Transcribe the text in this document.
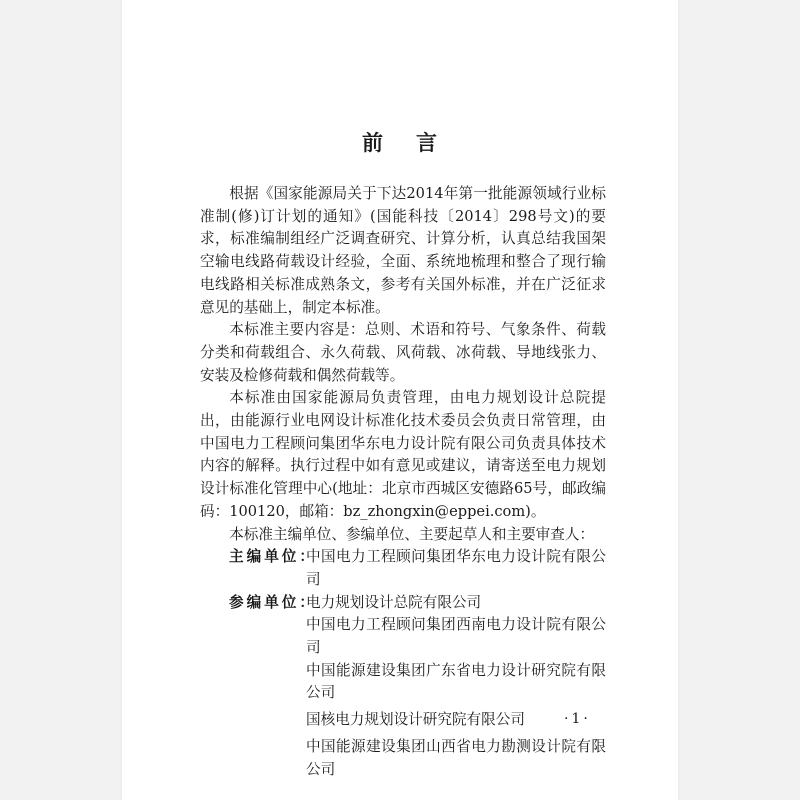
前 言

根据《国家能源局关于下达2014年第一批能源领域行业标准制(修)订计划的通知》(国能科技〔2014〕298号文)的要求，标准编制组经广泛调查研究、计算分析，认真总结我国架空输电线路荷载设计经验，全面、系统地梳理和整合了现行输电线路相关标准成熟条文，参考有关国外标准，并在广泛征求意见的基础上，制定本标准。

本标准主要内容是：总则、术语和符号、气象条件、荷载分类和荷载组合、永久荷载、风荷载、冰荷载、导地线张力、安装及检修荷载和偶然荷载等。

本标准由国家能源局负责管理，由电力规划设计总院提出，由能源行业电网设计标准化技术委员会负责日常管理，由中国电力工程顾问集团华东电力设计院有限公司负责具体技术内容的解释。执行过程中如有意见或建议，请寄送至电力规划设计标准化管理中心(地址：北京市西城区安德路65号，邮政编码：100120，邮箱：bz_zhongxin@eppei.com)。

本标准主编单位、参编单位、主要起草人和主要审查人：

主编单位：
中国电力工程顾问集团华东电力设计院有限公司
参编单位：
电力规划设计总院有限公司
中国电力工程顾问集团西南电力设计院有限公司
中国能源建设集团广东省电力设计研究院有限公司
国核电力规划设计研究院有限公司
中国能源建设集团山西省电力勘测设计院有限公司
·1·
